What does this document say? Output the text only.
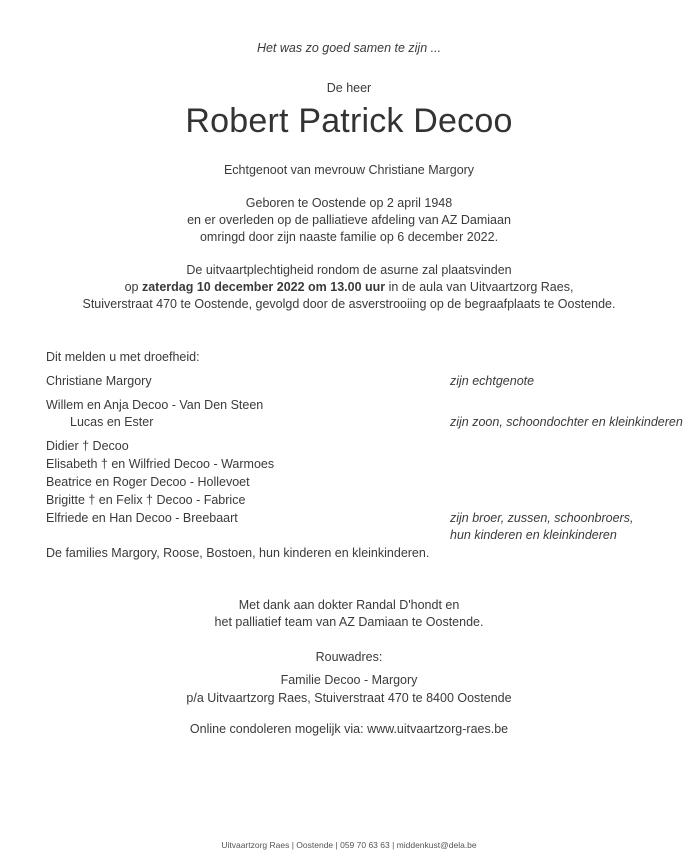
Het was zo goed samen te zijn ...
De heer
Robert Patrick Decoo
Echtgenoot van mevrouw Christiane Margory
Geboren te Oostende op 2 april 1948
en er overleden op de palliatieve afdeling van AZ Damiaan
omringd door zijn naaste familie op 6 december 2022.
De uitvaartplechtigheid rondom de asurne zal plaatsvinden
op zaterdag 10 december 2022 om 13.00 uur in de aula van Uitvaartzorg Raes,
Stuiverstraat 470 te Oostende, gevolgd door de asverstrooiing op de begraafplaats te Oostende.
Dit melden u met droefheid:
Christiane Margory	zijn echtgenote
Willem en Anja Decoo - Van Den Steen
Lucas en Ester	zijn zoon, schoondochter en kleinkinderen
Didier † Decoo
Elisabeth † en Wilfried Decoo - Warmoes
Beatrice en Roger Decoo - Hollevoet
Brigitte † en Felix † Decoo - Fabrice
Elfriede en Han Decoo - Breebaart	zijn broer, zussen, schoonbroers,
hun kinderen en kleinkinderen
De families Margory, Roose, Bostoen, hun kinderen en kleinkinderen.
Met dank aan dokter Randal D'hondt en
het palliatief team van AZ Damiaan te Oostende.
Rouwadres:
Familie Decoo - Margory
p/a Uitvaartzorg Raes, Stuiverstraat 470 te 8400 Oostende
Online condoleren mogelijk via: www.uitvaartzorg-raes.be
Uitvaartzorg Raes | Oostende | 059 70 63 63 | middenkust@dela.be
